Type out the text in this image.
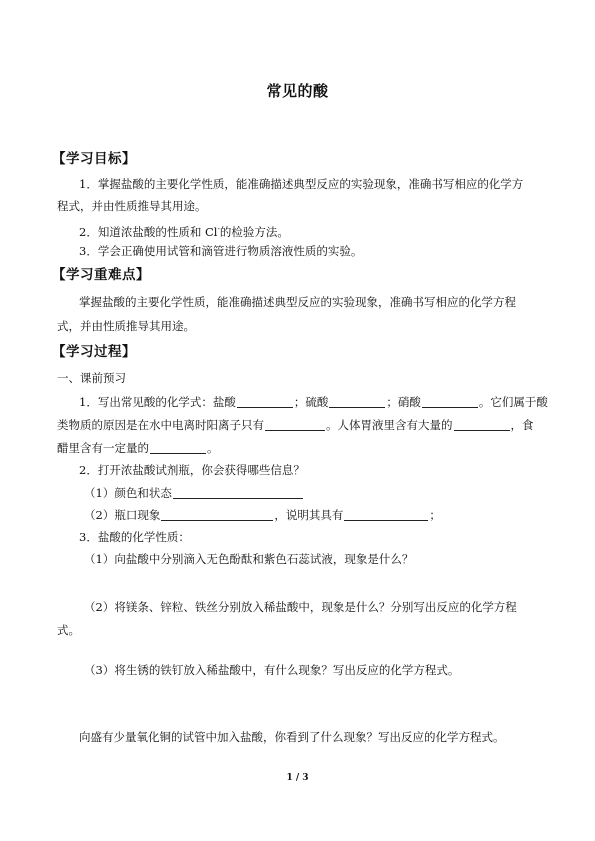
常见的酸
【学习目标】
1．掌握盐酸的主要化学性质，能准确描述典型反应的实验现象，准确书写相应的化学方
程式，并由性质推导其用途。
2．知道浓盐酸的性质和 Cl-的检验方法。
3．学会正确使用试管和滴管进行物质溶液性质的实验。
【学习重难点】
掌握盐酸的主要化学性质，能准确描述典型反应的实验现象，准确书写相应的化学方程
式，并由性质推导其用途。
【学习过程】
一、课前预习
1．写出常见酸的化学式：盐酸	；硫酸	；硝酸	。它们属于酸
类物质的原因是在水中电离时阳离子只有	。人体胃液里含有大量的	，食
醋里含有一定量的	。
2．打开浓盐酸试剂瓶，你会获得哪些信息？
（1）颜色和状态
（2）瓶口现象	，说明其具有	；
3．盐酸的化学性质：
（1）向盐酸中分别滴入无色酚酞和紫色石蕊试液，现象是什么？
（2）将镁条、锌粒、铁丝分别放入稀盐酸中，现象是什么？分别写出反应的化学方程
式。
（3）将生锈的铁钉放入稀盐酸中，有什么现象？写出反应的化学方程式。
向盛有少量氧化铜的试管中加入盐酸，你看到了什么现象？写出反应的化学方程式。
1 / 3
